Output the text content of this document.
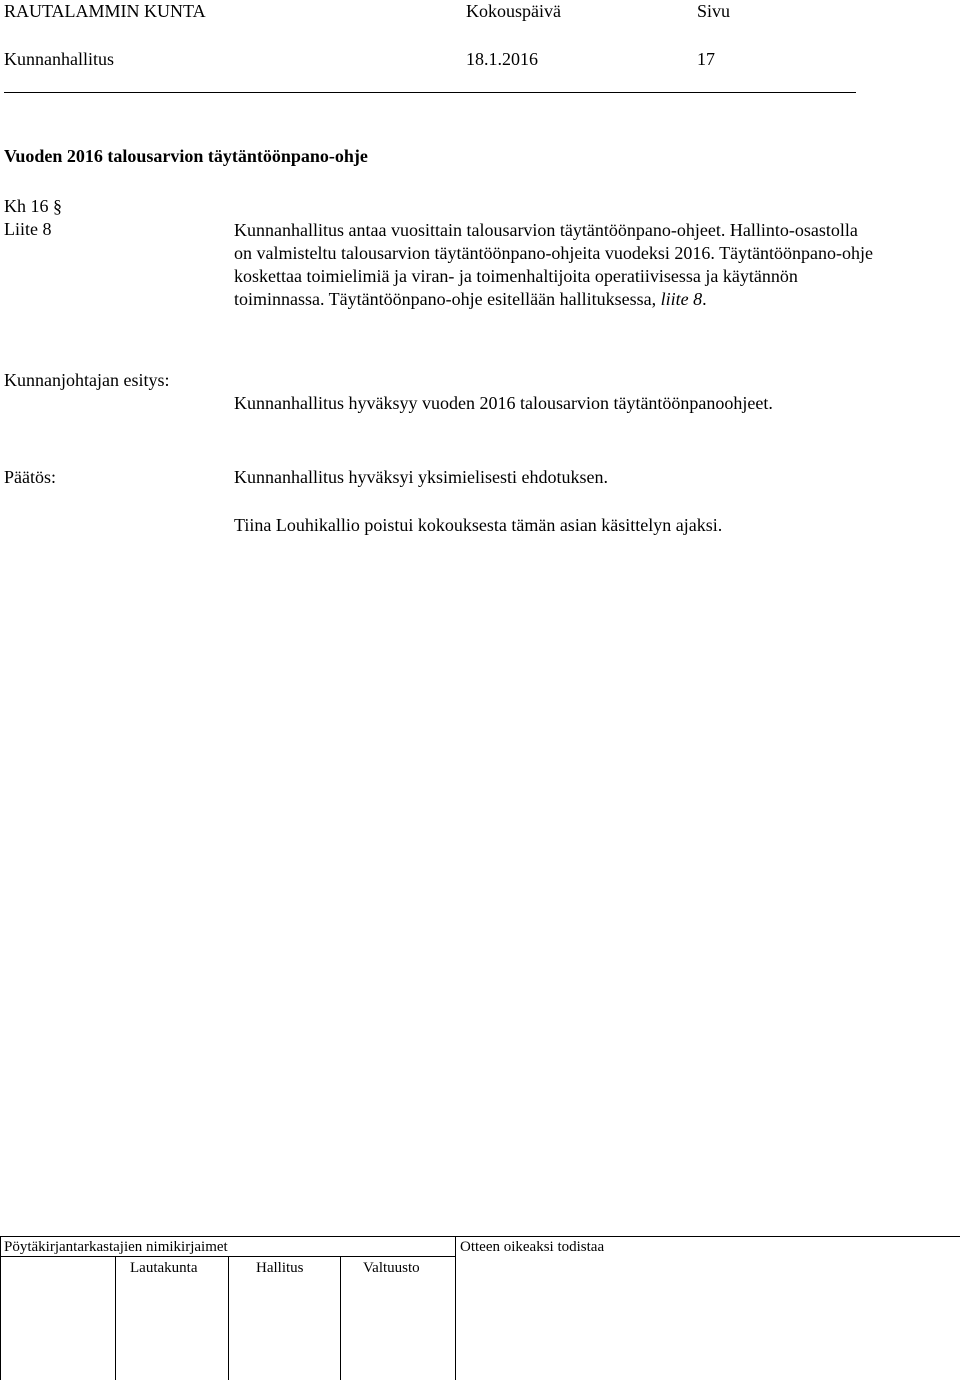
RAUTALAMMIN KUNTA	Kokouspäivä	Sivu
Kunnanhallitus	18.1.2016	17
Vuoden 2016 talousarvion täytäntöönpano-ohje
Kh 16 §
Liite 8	Kunnanhallitus antaa vuosittain talousarvion täytäntöönpano-ohjeet. Hallinto-osastolla on valmisteltu talousarvion täytäntöönpano-ohjeita vuodeksi 2016. Täytäntöönpano-ohje koskettaa toimielimiä ja viran- ja toimenhaltijoita operatiivisessa ja käytännön toiminnassa. Täytäntöönpano-ohje esitellään hallituksessa, liite 8.

Kunnanjohtajan esitys:
Kunnanhallitus hyväksyy vuoden 2016 talousarvion täytäntöönpanoohjeet.
Päätös:	Kunnanhallitus hyväksyi yksimielisesti ehdotuksen.
Tiina Louhikallio poistui kokouksesta tämän asian käsittelyn ajaksi.
Pöytäkirjantarkastajien nimikirjaimet	Otteen oikeaksi todistaa
Lautakunta	Hallitus	Valtuusto
